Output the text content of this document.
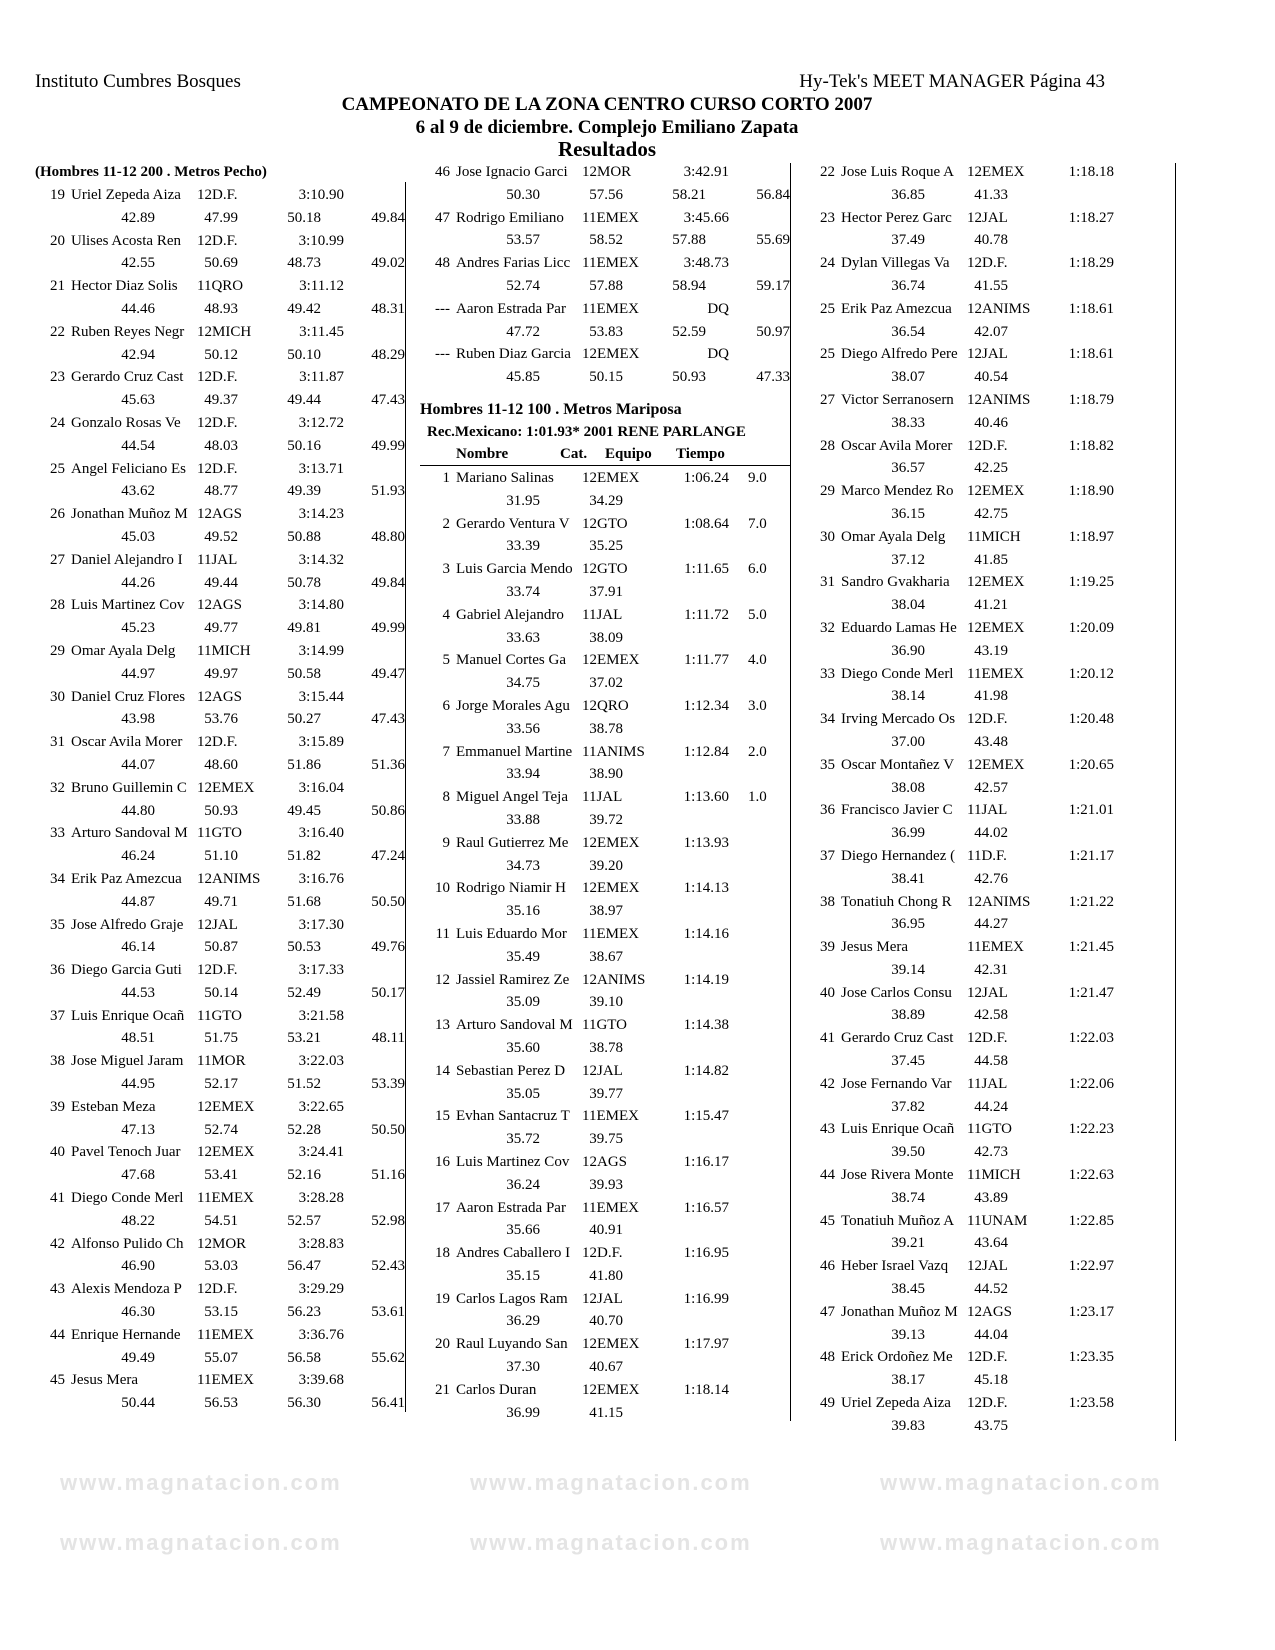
Instituto Cumbres Bosques	Hy-Tek's MEET MANAGER Página 43
CAMPEONATO DE LA ZONA CENTRO CURSO CORTO 2007
6 al 9 de diciembre. Complejo Emiliano Zapata
Resultados
www.magnatacion.com	www.magnatacion.com	www.magnatacion.com
www.magnatacion.com	www.magnatacion.com	www.magnatacion.com
(Hombres 11-12 200 . Metros Pecho)
19 Uriel Zepeda Aiza	12D.F.	3:10.90
42.89	47.99	50.18	49.84
20 Ulises Acosta Ren	12D.F.	3:10.99
42.55	50.69	48.73	49.02
21 Hector Diaz Solis	11QRO	3:11.12
44.46	48.93	49.42	48.31
22 Ruben Reyes Negr 12MICH	3:11.45
42.94	50.12	50.10	48.29
23 Gerardo Cruz Cast 12D.F.	3:11.87
45.63	49.37	49.44	47.43
24 Gonzalo Rosas Ve	12D.F.	3:12.72
44.54	48.03	50.16	49.99
25 Angel Feliciano Es 12D.F.	3:13.71
43.62	48.77	49.39	51.93
26 Jonathan Muñoz M 12AGS	3:14.23
45.03	49.52	50.88	48.80
27 Daniel Alejandro I 11JAL	3:14.32
44.26	49.44	50.78	49.84
28 Luis Martinez Cov 12AGS	3:14.80
45.23	49.77	49.81	49.99
29 Omar Ayala Delg	11MICH	3:14.99
44.97	49.97	50.58	49.47
30 Daniel Cruz Flores 12AGS	3:15.44
43.98	53.76	50.27	47.43
31 Oscar Avila Morer 12D.F.	3:15.89
44.07	48.60	51.86	51.36
32 Bruno Guillemin C 12EMEX	3:16.04
44.80	50.93	49.45	50.86
33 Arturo Sandoval M 11GTO	3:16.40
46.24	51.10	51.82	47.24
34 Erik Paz Amezcua	12ANIMS	3:16.76
44.87	49.71	51.68	50.50
35 Jose Alfredo Graje 12JAL	3:17.30
46.14	50.87	50.53	49.76
36 Diego Garcia Guti	12D.F.	3:17.33
44.53	50.14	52.49	50.17
37 Luis Enrique Ocañ 11GTO	3:21.58
48.51	51.75	53.21	48.11
38 Jose Miguel Jaram 11MOR	3:22.03
44.95	52.17	51.52	53.39
39 Esteban Meza	12EMEX	3:22.65
47.13	52.74	52.28	50.50
40 Pavel Tenoch Juar	12EMEX	3:24.41
47.68	53.41	52.16	51.16
41 Diego Conde Merl 11EMEX	3:28.28
48.22	54.51	52.57	52.98
42 Alfonso Pulido Ch 12MOR	3:28.83
46.90	53.03	56.47	52.43
43 Alexis Mendoza P	12D.F.	3:29.29
46.30	53.15	56.23	53.61
44 Enrique Hernande	11EMEX	3:36.76
49.49	55.07	56.58	55.62
45 Jesus Mera	11EMEX	3:39.68
50.44	56.53	56.30	56.41
46 Jose Ignacio Garci 12MOR	3:42.91
50.30	57.56	58.21	56.84
47 Rodrigo Emiliano	11EMEX	3:45.66
53.57	58.52	57.88	55.69
48 Andres Farias Licc 11EMEX	3:48.73
52.74	57.88	58.94	59.17
--- Aaron Estrada Par	11EMEX	DQ
47.72	53.83	52.59	50.97
--- Ruben Diaz Garcia 12EMEX	DQ
45.85	50.15	50.93	47.33
Hombres 11-12 100 . Metros Mariposa
Rec.Mexicano: 1:01.93* 2001 RENE PARLANGE
Nombre	Cat. Equipo Tiempo
1 Mariano Salinas	12EMEX	1:06.24 9.0
31.95	34.29
2 Gerardo Ventura V 12GTO	1:08.64 7.0
33.39	35.25
3 Luis Garcia Mendo 12GTO	1:11.65 6.0
33.74	37.91
4 Gabriel Alejandro	11JAL	1:11.72 5.0
33.63	38.09
5 Manuel Cortes Ga	12EMEX	1:11.77 4.0
34.75	37.02
6 Jorge Morales Agu 12QRO	1:12.34 3.0
33.56	38.78
7 Emmanuel Martine 11ANIMS	1:12.84 2.0
33.94	38.90
8 Miguel Angel Teja 11JAL	1:13.60 1.0
33.88	39.72
9 Raul Gutierrez Me 12EMEX	1:13.93
34.73	39.20
10 Rodrigo Niamir H	12EMEX	1:14.13
35.16	38.97
11 Luis Eduardo Mor	11EMEX	1:14.16
35.49	38.67
12 Jassiel Ramirez Ze 12ANIMS	1:14.19
35.09	39.10
13 Arturo Sandoval M 11GTO	1:14.38
35.60	38.78
14 Sebastian Perez D	12JAL	1:14.82
35.05	39.77
15 Evhan Santacruz T 11EMEX	1:15.47
35.72	39.75
16 Luis Martinez Cov 12AGS	1:16.17
36.24	39.93
17 Aaron Estrada Par	11EMEX	1:16.57
35.66	40.91
18 Andres Caballero I 12D.F.	1:16.95
35.15	41.80
19 Carlos Lagos Ram 12JAL	1:16.99
36.29	40.70
20 Raul Luyando San 12EMEX	1:17.97
37.30	40.67
21 Carlos Duran	12EMEX	1:18.14
36.99	41.15
22 Jose Luis Roque A 12EMEX	1:18.18
36.85	41.33
23 Hector Perez Garc	12JAL	1:18.27
37.49	40.78
24 Dylan Villegas Va	12D.F.	1:18.29
36.74	41.55
25 Erik Paz Amezcua	12ANIMS	1:18.61
36.54	42.07
25 Diego Alfredo Pere 12JAL	1:18.61
38.07	40.54
27 Victor Serranosern 12ANIMS	1:18.79
38.33	40.46
28 Oscar Avila Morer 12D.F.	1:18.82
36.57	42.25
29 Marco Mendez Ro 12EMEX	1:18.90
36.15	42.75
30 Omar Ayala Delg	11MICH	1:18.97
37.12	41.85
31 Sandro Gvakharia	12EMEX	1:19.25
38.04	41.21
32 Eduardo Lamas He 12EMEX	1:20.09
36.90	43.19
33 Diego Conde Merl 11EMEX	1:20.12
38.14	41.98
34 Irving Mercado Os 12D.F.	1:20.48
37.00	43.48
35 Oscar Montañez V 12EMEX	1:20.65
38.08	42.57
36 Francisco Javier C 11JAL	1:21.01
36.99	44.02
37 Diego Hernandez ( 11D.F.	1:21.17
38.41	42.76
38 Tonatiuh Chong R	12ANIMS	1:21.22
36.95	44.27
39 Jesus Mera	11EMEX	1:21.45
39.14	42.31
40 Jose Carlos Consu	12JAL	1:21.47
38.89	42.58
41 Gerardo Cruz Cast 12D.F.	1:22.03
37.45	44.58
42 Jose Fernando Var	11JAL	1:22.06
37.82	44.24
43 Luis Enrique Ocañ 11GTO	1:22.23
39.50	42.73
44 Jose Rivera Monte 11MICH	1:22.63
38.74	43.89
45 Tonatiuh Muñoz A 11UNAM	1:22.85
39.21	43.64
46 Heber Israel Vazq	12JAL	1:22.97
38.45	44.52
47 Jonathan Muñoz M 12AGS	1:23.17
39.13	44.04
48 Erick Ordoñez Me 12D.F.	1:23.35
38.17	45.18
49 Uriel Zepeda Aiza	12D.F.	1:23.58
39.83	43.75
